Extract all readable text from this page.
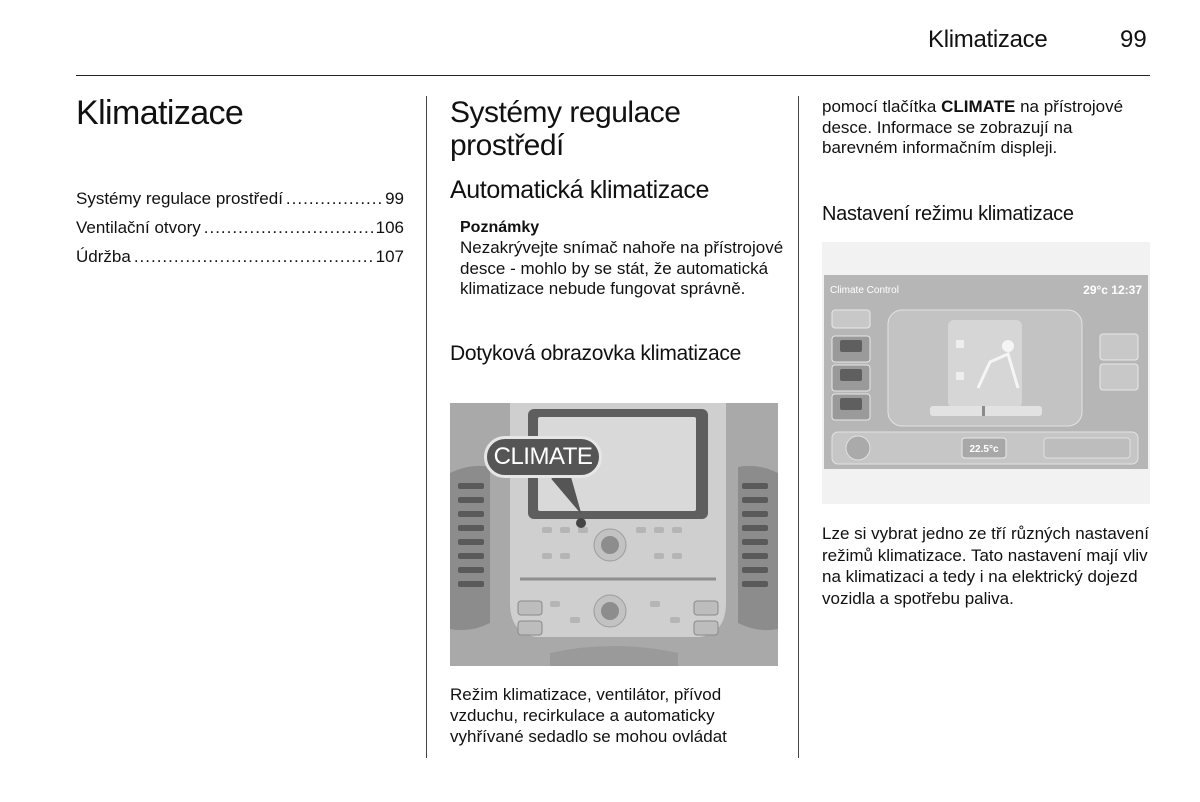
Klimatizace	99
Klimatizace
Systémy regulace prostředí .....	99
Ventilační otvory .....	106
Údržba .....	107
Systémy regulace prostředí
Automatická klimatizace
Poznámky
Nezakrývejte snímač nahoře na přístrojové desce - mohlo by se stát, že automatická klimatizace nebude fungovat správně.
Dotyková obrazovka klimatizace
CLIMATE
Režim klimatizace, ventilátor, přívod vzduchu, recirkulace a automaticky vyhřívané sedadlo se mohou ovládat
pomocí tlačítka CLIMATE na přístrojové desce. Informace se zobrazují na barevném informačním displeji.
Nastavení režimu klimatizace
Climate Control	29°c 12:37
22.5°c
Lze si vybrat jedno ze tří různých nastavení režimů klimatizace. Tato nastavení mají vliv na klimatizaci a tedy i na elektrický dojezd vozidla a spotřebu paliva.
